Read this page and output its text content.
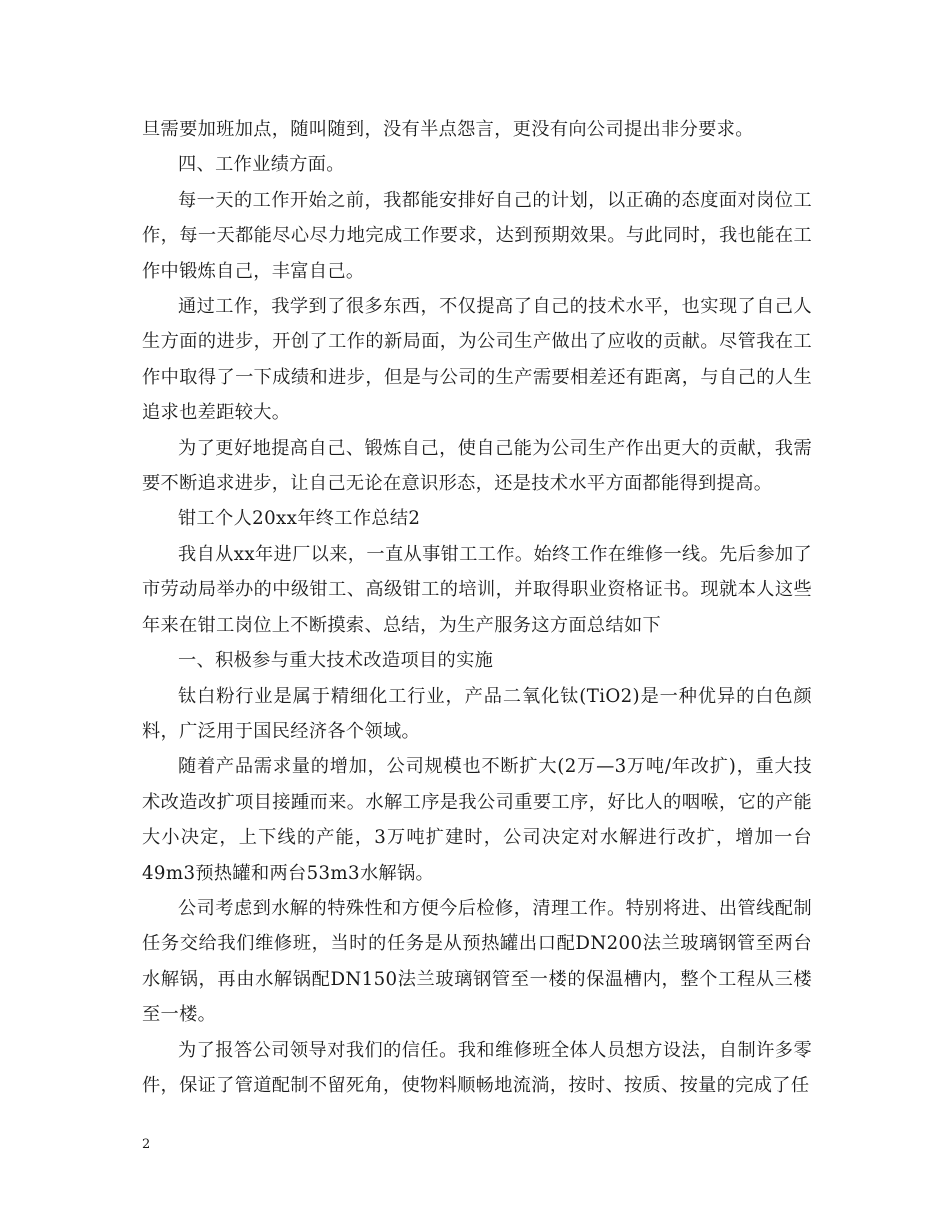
旦需要加班加点，随叫随到，没有半点怨言，更没有向公司提出非分要求。

四、工作业绩方面。

每一天的工作开始之前，我都能安排好自己的计划，以正确的态度面对岗位工作，每一天都能尽心尽力地完成工作要求，达到预期效果。与此同时，我也能在工作中锻炼自己，丰富自己。

通过工作，我学到了很多东西，不仅提高了自己的技术水平，也实现了自己人生方面的进步，开创了工作的新局面，为公司生产做出了应收的贡献。尽管我在工作中取得了一下成绩和进步，但是与公司的生产需要相差还有距离，与自己的人生追求也差距较大。

为了更好地提高自己、锻炼自己，使自己能为公司生产作出更大的贡献，我需要不断追求进步，让自己无论在意识形态，还是技术水平方面都能得到提高。

钳工个人20xx年终工作总结2

我自从xx年进厂以来，一直从事钳工工作。始终工作在维修一线。先后参加了市劳动局举办的中级钳工、高级钳工的培训，并取得职业资格证书。现就本人这些年来在钳工岗位上不断摸索、总结，为生产服务这方面总结如下

一、积极参与重大技术改造项目的实施

钛白粉行业是属于精细化工行业，产品二氧化钛(TiO2)是一种优异的白色颜料，广泛用于国民经济各个领域。

随着产品需求量的增加，公司规模也不断扩大(2万—3万吨/年改扩)，重大技术改造改扩项目接踵而来。水解工序是我公司重要工序，好比人的咽喉，它的产能大小决定，上下线的产能，3万吨扩建时，公司决定对水解进行改扩，增加一台49m3预热罐和两台53m3水解锅。

公司考虑到水解的特殊性和方便今后检修，清理工作。特别将进、出管线配制任务交给我们维修班，当时的任务是从预热罐出口配DN200法兰玻璃钢管至两台水解锅，再由水解锅配DN150法兰玻璃钢管至一楼的保温槽内，整个工程从三楼至一楼。

为了报答公司领导对我们的信任。我和维修班全体人员想方设法，自制许多零件，保证了管道配制不留死角，使物料顺畅地流淌，按时、按质、按量的完成了任

2
